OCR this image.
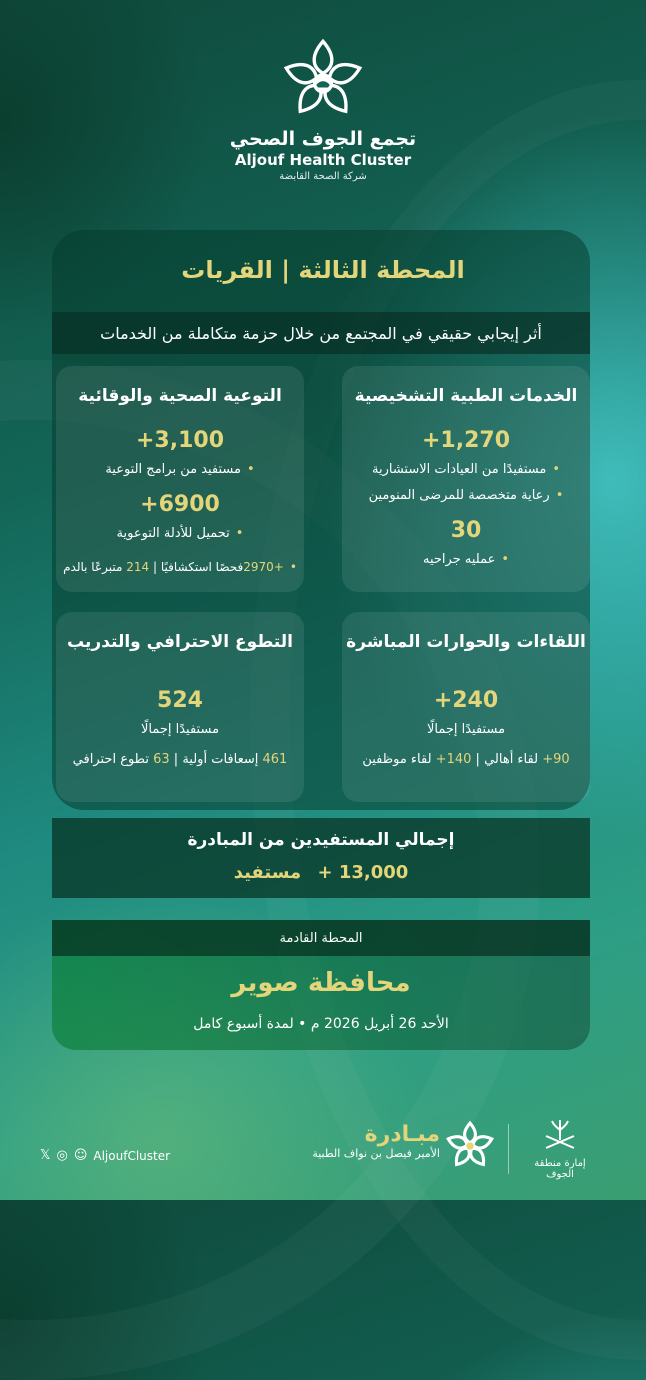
تجمع الجوف الصحي
Aljouf Health Cluster
شركة الصحة القابضة
المحطة الثالثة | القريات
أثر إيجابي حقيقي في المجتمع من خلال حزمة متكاملة من الخدمات
الخدمات الطبية التشخيصية
+1,270
•مستفيدًا من العيادات الاستشارية
•رعاية متخصصة للمرضى المنومين
30
•عمليه جراحيه
التوعية الصحية والوقائية
+3,100
•مستفيد من برامج التوعية
+6900
•تحميل للأدلة التوعوية
•+2970فحصًا استكشافيًا | 214 متبرعًا بالدم
اللقاءات والحوارات المباشرة
+240
مستفيدًا إجمالًا
90+ لقاء أهالي | 140+ لقاء موظفين
التطوع الاحترافي والتدريب
524
مستفيدًا إجمالًا
461 إسعافات أولية | 63 تطوع احترافي
إجمالي المستفيدين من المبادرة
+ 13,000 مستفيد
المحطة القادمة
محافظة صوير
الأحد 26 أبريل 2026 م • لمدة أسبوع كامل
𝕏 ◎ ☺ AljoufCluster
مبـادرة
الأمير فيصل بن نواف الطبية
إمارة منطقة الجوف
